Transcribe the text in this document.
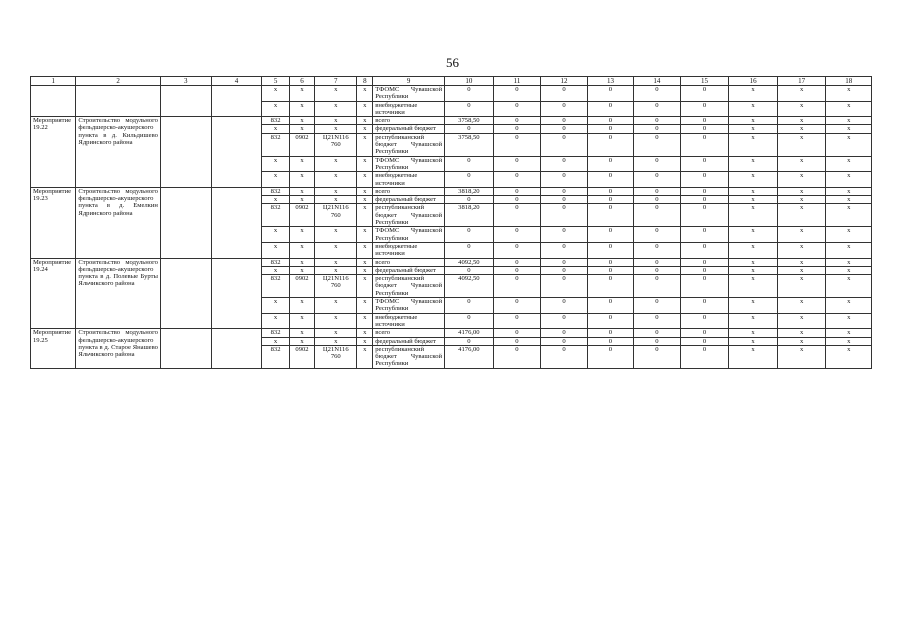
56
1	2	3	4	5	6	7	8	9	10	11	12	13	14	15	16	17	18
				x	x	x	x	ТФОМС Чувашской Республики	0	0	0	0	0	0	x	x	x
				x	x	x	x	внебюджетные источники	0	0	0	0	0	0	x	x	x
Мероприятие 19.22	Строительство модульного фельдшерско-акушерского пункта в д. Кильдишево Ядринского района			832	x	x	x	всего	3758,50	0	0	0	0	0	x	x	x
				x	x	x	x	федеральный бюджет	0	0	0	0	0	0	x	x	x
				832	0902	Ц21N116 760	x	республиканский бюджет Чувашской Республики	3758,50	0	0	0	0	0	x	x	x
				x	x	x	x	ТФОМС Чувашской Республики	0	0	0	0	0	0	x	x	x
				x	x	x	x	внебюджетные источники	0	0	0	0	0	0	x	x	x
Мероприятие 19.23	Строительство модульного фельдшерско-акушерского пункта в д. Емелкин Ядринского района			832	x	x	x	всего	3818,20	0	0	0	0	0	x	x	x
				x	x	x	x	федеральный бюджет	0	0	0	0	0	0	x	x	x
				832	0902	Ц21N116 760	x	республиканский бюджет Чувашской Республики	3818,20	0	0	0	0	0	x	x	x
				x	x	x	x	ТФОМС Чувашской Республики	0	0	0	0	0	0	x	x	x
				x	x	x	x	внебюджетные источники	0	0	0	0	0	0	x	x	x
Мероприятие 19.24	Строительство модульного фельдшерско-акушерского пункта в д. Полевые Бурты Яльчикского района			832	x	x	x	всего	4092,50	0	0	0	0	0	x	x	x
				x	x	x	x	федеральный бюджет	0	0	0	0	0	0	x	x	x
				832	0902	Ц21N116 760	x	республиканский бюджет Чувашской Республики	4092,50	0	0	0	0	0	x	x	x
				x	x	x	x	ТФОМС Чувашской Республики	0	0	0	0	0	0	x	x	x
				x	x	x	x	внебюджетные источники	0	0	0	0	0	0	x	x	x
Мероприятие 19.25	Строительство модульного фельдшерско-акушерского пункта в д. Старое Янашево Яльчикского района			832	x	x	x	всего	4176,00	0	0	0	0	0	x	x	x
				x	x	x	x	федеральный бюджет	0	0	0	0	0	0	x	x	x
				832	0902	Ц21N116 760	x	республиканский бюджет Чувашской Республики	4176,00	0	0	0	0	0	x	x	x
